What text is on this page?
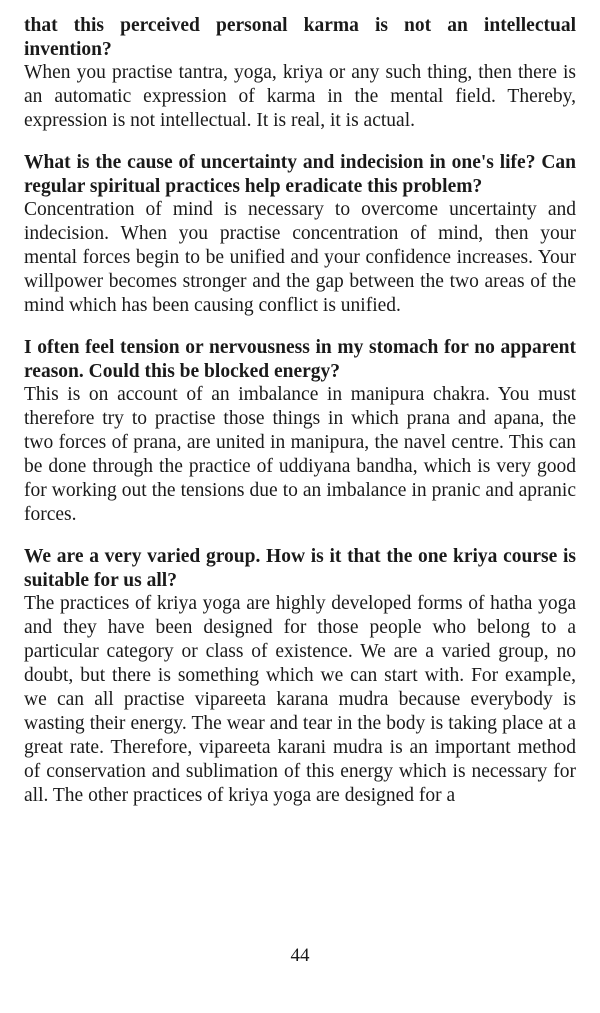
that this perceived personal karma is not an intellectual invention?

When you practise tantra, yoga, kriya or any such thing, then there is an automatic expression of karma in the mental field. Thereby, expression is not intellectual. It is real, it is actual.

What is the cause of uncertainty and indecision in one's life? Can regular spiritual practices help eradicate this problem?

Concentration of mind is necessary to overcome uncertainty and indecision. When you practise concentration of mind, then your mental forces begin to be unified and your confidence increases. Your willpower becomes stronger and the gap between the two areas of the mind which has been causing conflict is unified.

I often feel tension or nervousness in my stomach for no apparent reason. Could this be blocked energy?

This is on account of an imbalance in manipura chakra. You must therefore try to practise those things in which prana and apana, the two forces of prana, are united in manipura, the navel centre. This can be done through the practice of uddiyana bandha, which is very good for working out the tensions due to an imbalance in pranic and apranic forces.

We are a very varied group. How is it that the one kriya course is suitable for us all?

The practices of kriya yoga are highly developed forms of hatha yoga and they have been designed for those people who belong to a particular category or class of existence. We are a varied group, no doubt, but there is something which we can start with. For example, we can all practise vipareeta karana mudra because everybody is wasting their energy. The wear and tear in the body is taking place at a great rate. Therefore, vipareeta karani mudra is an important method of conservation and sublimation of this energy which is necessary for all. The other practices of kriya yoga are designed for a

44
